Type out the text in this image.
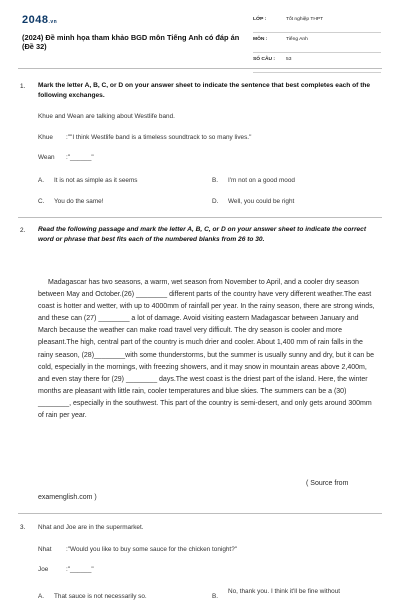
2048.vn
(2024) Đề minh họa tham khảo BGD môn Tiếng Anh có đáp án (Đề 32)
LỚP :	Tốt nghiệp THPT
MÔN :	Tiếng Anh
SỐ CÂU : 53
1. Mark the letter A, B, C, or D on your answer sheet to indicate the sentence that best completes each of the following exchanges.
Khue and Wean are talking about Westlife band.
Khue :""I think Westlife band is a timeless soundtrack to so many lives."
Wean :"______"
A. It is not as simple as it seems	B. I'm not on a good mood
C. You do the same!	D. Well, you could be right
2. Read the following passage and mark the letter A, B, C, or D on your answer sheet to indicate the correct word or phrase that best fits each of the numbered blanks from 26 to 30.

Madagascar has two seasons, a warm, wet season from November to April, and a cooler dry season between May and October.(26) ________ different parts of the country have very different weather.The east coast is hotter and wetter, with up to 4000mm of rainfall per year. In the rainy season, there are strong winds, and these can (27) ________ a lot of damage. Avoid visiting eastern Madagascar between January and March because the weather can make road travel very difficult. The dry season is cooler and more pleasant.The high, central part of the country is much drier and cooler. About 1,400 mm of rain falls in the rainy season, (28)________with some thunderstorms, but the summer is usually sunny and dry, but it can be cold, especially in the mornings, with freezing showers, and it may snow in mountain areas above 2,400m, and even stay there for (29) ________ days.The west coast is the driest part of the island. Here, the winter months are pleasant with little rain, cooler temperatures and blue skies. The summers can be a (30) ________, especially in the southwest. This part of the country is semi-desert, and only gets around 300mm of rain per year.

( Source from
examenglish.com )
3. Nhat and Joe are in the supermarket.
Nhat :"Would you like to buy some sauce for the chicken tonight?"
Joe	:"______"
A. That sauce is not necessarily so.	B.
No, thank you. I think it'll be fine without
